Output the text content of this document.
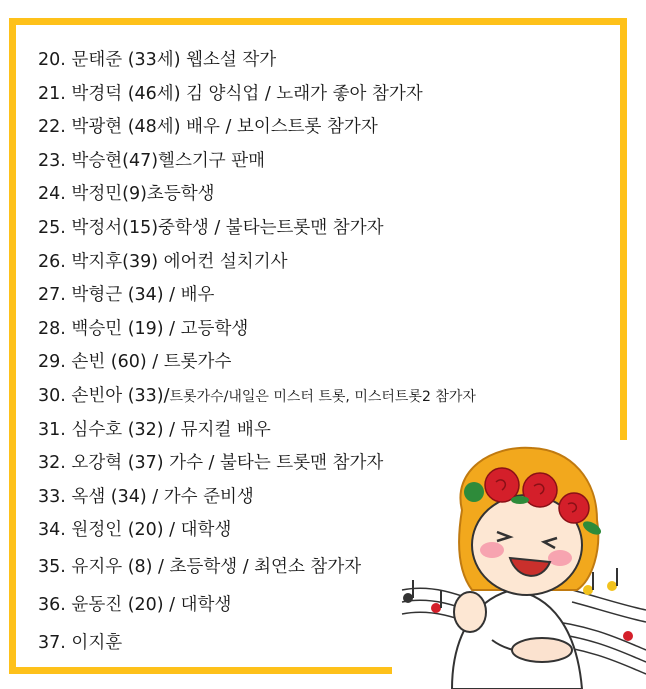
20. 문태준 (33세) 웹소설 작가
21. 박경덕 (46세) 김 양식업 / 노래가 좋아 참가자
22. 박광현 (48세) 배우 / 보이스트롯 참가자
23. 박승현(47)헬스기구 판매
24. 박정민(9)초등학생
25. 박정서(15)중학생 / 불타는트롯맨 참가자
26. 박지후(39) 에어컨 설치기사
27. 박형근 (34) / 배우
28. 백승민 (19) / 고등학생
29. 손빈 (60) / 트롯가수
30. 손빈아 (33)/트롯가수/내일은 미스터 트롯, 미스터트롯2 참가자
31. 심수호 (32) / 뮤지컬 배우
32. 오강혁 (37) 가수 / 불타는 트롯맨 참가자
33. 옥샘 (34) / 가수 준비생
34. 원정인 (20) / 대학생
35. 유지우 (8) / 초등학생 / 최연소 참가자
36. 윤동진 (20) / 대학생
37. 이지훈
